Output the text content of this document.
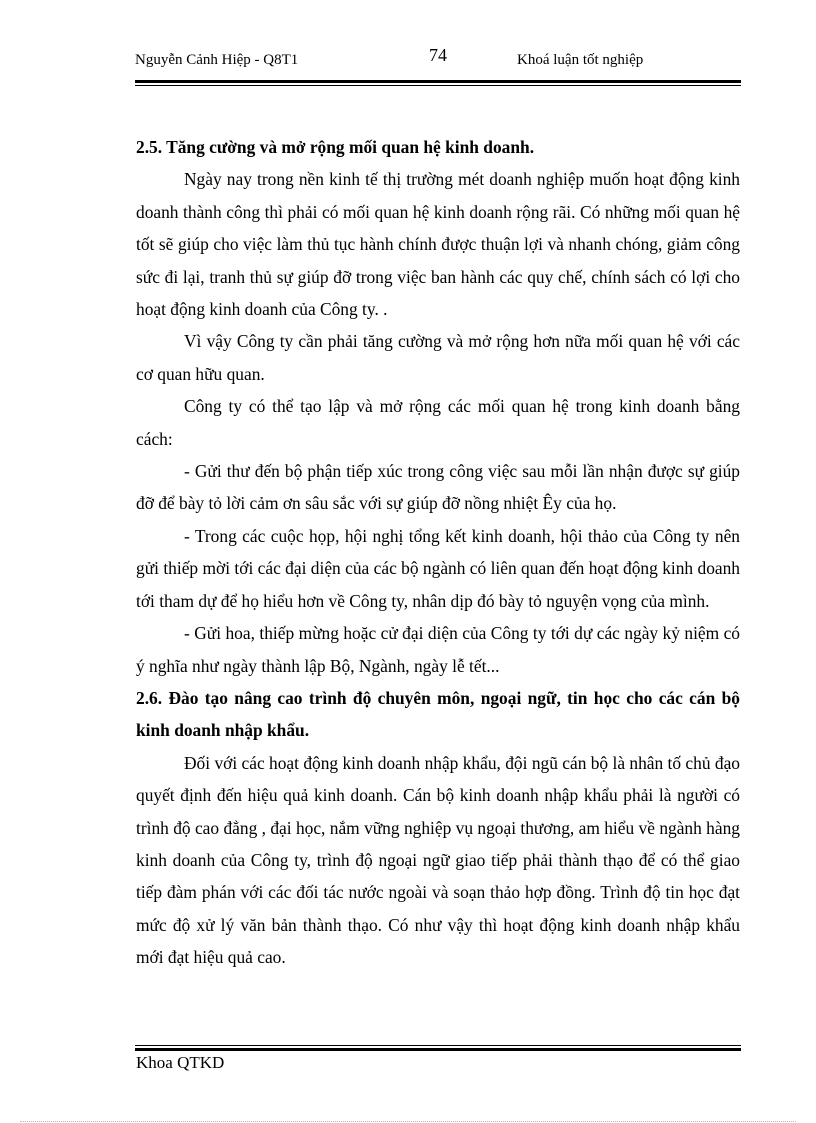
Nguyễn Cảnh Hiệp - Q8T1	74	Khoá luận tốt nghiệp

2.5. Tăng cường và mở rộng mối quan hệ kinh doanh.

Ngày nay trong nền kinh tế thị trường mét doanh nghiệp muốn hoạt động kinh doanh thành công thì phải có mối quan hệ kinh doanh rộng rãi. Có những mối quan hệ tốt sẽ giúp cho việc làm thủ tục hành chính được thuận lợi và nhanh chóng, giảm công sức đi lại, tranh thủ sự giúp đỡ trong việc ban hành các quy chế, chính sách có lợi cho hoạt động kinh doanh của Công ty. .

Vì vậy Công ty cần phải tăng cường và mở rộng hơn nữa mối quan hệ với các cơ quan hữu quan.

Công ty có thể tạo lập và mở rộng các mối quan hệ trong kinh doanh bằng cách:

- Gửi thư đến bộ phận tiếp xúc trong công việc sau mỗi lần nhận được sự giúp đỡ để bày tỏ lời cảm ơn sâu sắc với sự giúp đỡ nồng nhiệt Êy của họ.

- Trong các cuộc họp, hội nghị tổng kết kinh doanh, hội thảo của Công ty nên gửi thiếp mời tới các đại diện của các bộ ngành có liên quan đến hoạt động kinh doanh tới tham dự để họ hiểu hơn về Công ty, nhân dịp đó bày tỏ nguyện vọng của mình.

- Gửi hoa, thiếp mừng hoặc cử đại diện của Công ty tới dự các ngày kỷ niệm có ý nghĩa như ngày thành lập Bộ, Ngành, ngày lễ tết...

2.6. Đào tạo nâng cao trình độ chuyên môn, ngoại ngữ, tin học cho các cán bộ kinh doanh nhập khẩu.

Đối với các hoạt động kinh doanh nhập khẩu, đội ngũ cán bộ là nhân tố chủ đạo quyết định đến hiệu quả kinh doanh. Cán bộ kinh doanh nhập khẩu phải là người có trình độ cao đẳng , đại học, nắm vững nghiệp vụ ngoại thương, am hiểu về ngành hàng kinh doanh của Công ty, trình độ ngoại ngữ giao tiếp phải thành thạo để có thể giao tiếp đàm phán với các đối tác nước ngoài và soạn thảo hợp đồng. Trình độ tin học đạt mức độ xử lý văn bản thành thạo. Có như vậy thì hoạt động kinh doanh nhập khẩu mới đạt hiệu quả cao.

Khoa QTKD
